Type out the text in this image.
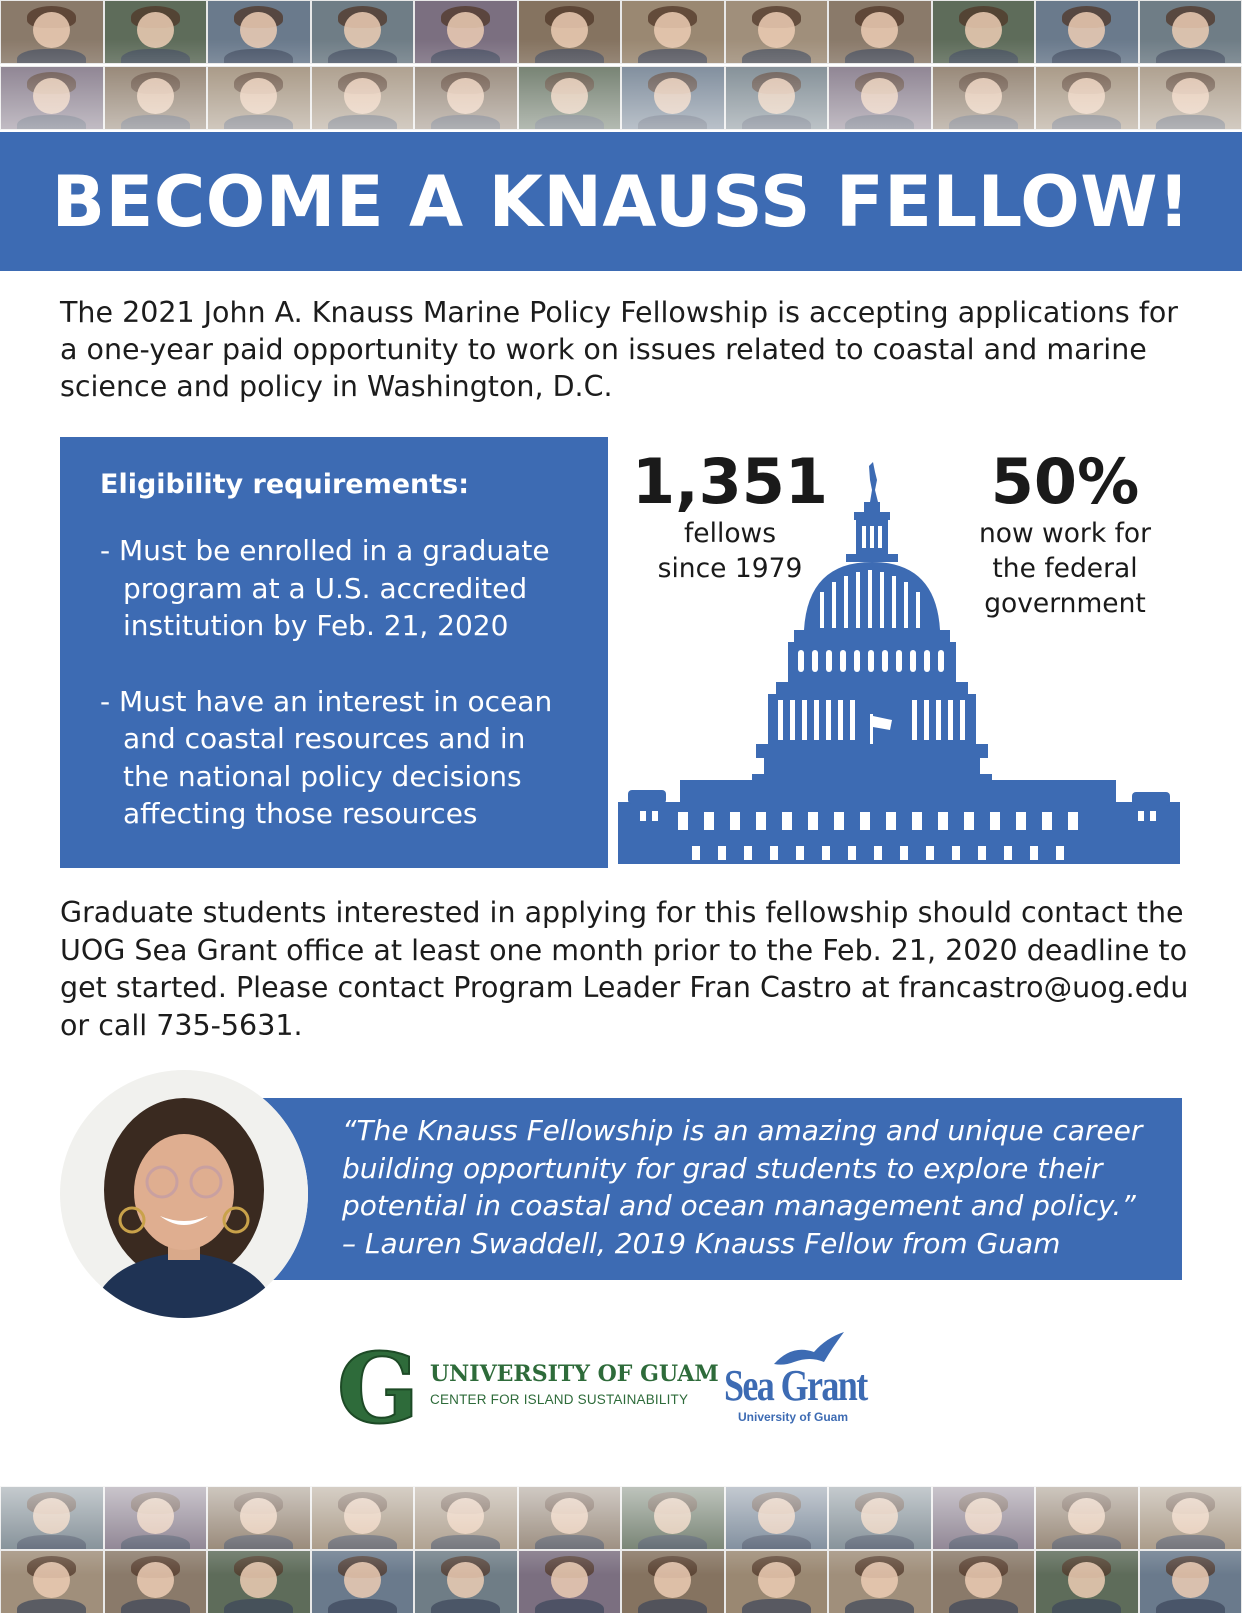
BECOME A KNAUSS FELLOW!

The 2021 John A. Knauss Marine Policy Fellowship is accepting applications for a one-year paid opportunity to work on issues related to coastal and marine science and policy in Washington, D.C.

Eligibility requirements:

- Must be enrolled in a graduate program at a U.S. accredited institution by Feb. 21, 2020

- Must have an interest in ocean and coastal resources and in the national policy decisions affecting those resources

1,351
fellows
since 1979
50%
now work for
the federal
government

Graduate students interested in applying for this fellowship should contact the UOG Sea Grant office at least one month prior to the Feb. 21, 2020 deadline to get started. Please contact Program Leader Fran Castro at francastro@uog.edu or call 735-5631.

“The Knauss Fellowship is an amazing and unique career

building opportunity for grad students to explore their

potential in coastal and ocean management and policy.”

– Lauren Swaddell, 2019 Knauss Fellow from Guam

G UNIVERSITY OF GUAM
CENTER FOR ISLAND SUSTAINABILITY Sea Grant
University of Guam
